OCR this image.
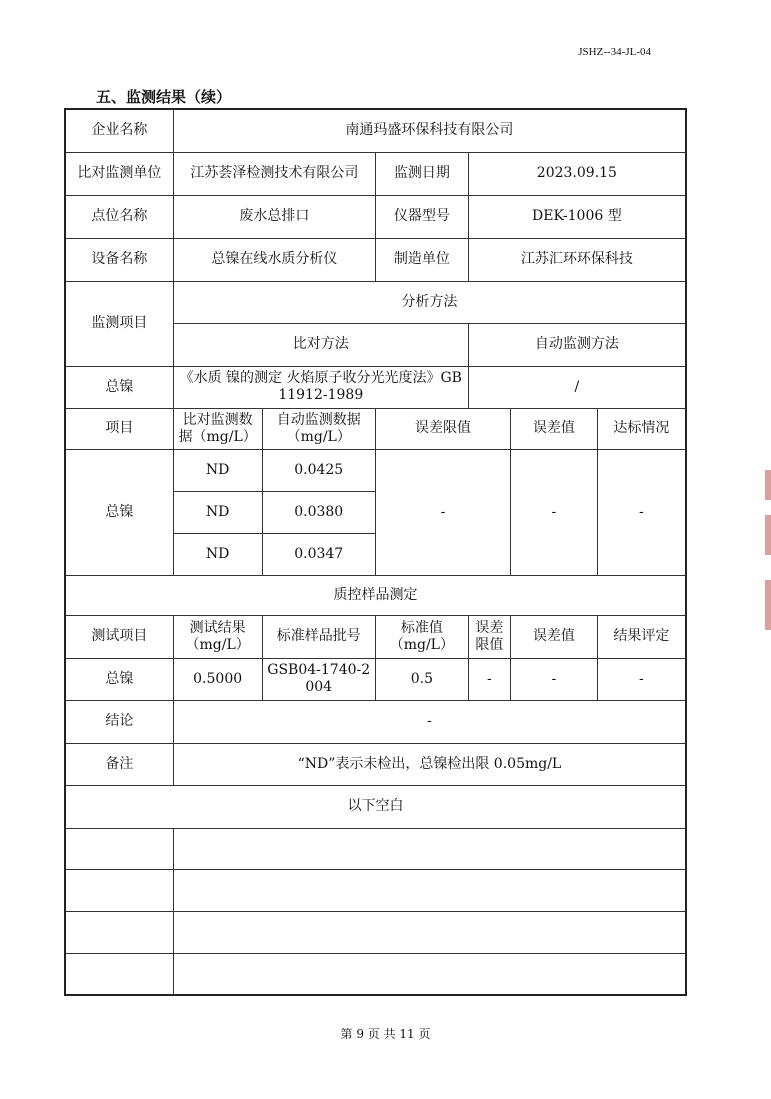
JSHZ--34-JL-04
五、监测结果（续）
企业名称	南通玛盛环保科技有限公司					
比对监测单位	江苏荟泽检测技术有限公司		监测日期	2023.09.15		
点位名称	废水总排口		仪器型号	DEK-1006 型		
设备名称	总镍在线水质分析仪		制造单位	江苏汇环环保科技		
监测项目	分析方法					
	比对方法			自动监测方法		
总镍	《水质 镍的测定 火焰原子收分光光度法》GB 11912-1989			/		
项目	比对监测数据（mg/L）	自动监测数据（mg/L）	误差限值		误差值	达标情况
总镍	ND	0.0425	-		-	-
	ND	0.0380				
	ND	0.0347				
质控样品测定						
测试项目	测试结果（mg/L）	标准样品批号	标准值（mg/L）	误差限值	误差值	结果评定
总镍	0.5000	GSB04-1740-2004	0.5	-	-	-
结论	-					
备注	“ND”表示未检出，总镍检出限 0.05mg/L					
以下空白						

第 9 页 共 11 页
